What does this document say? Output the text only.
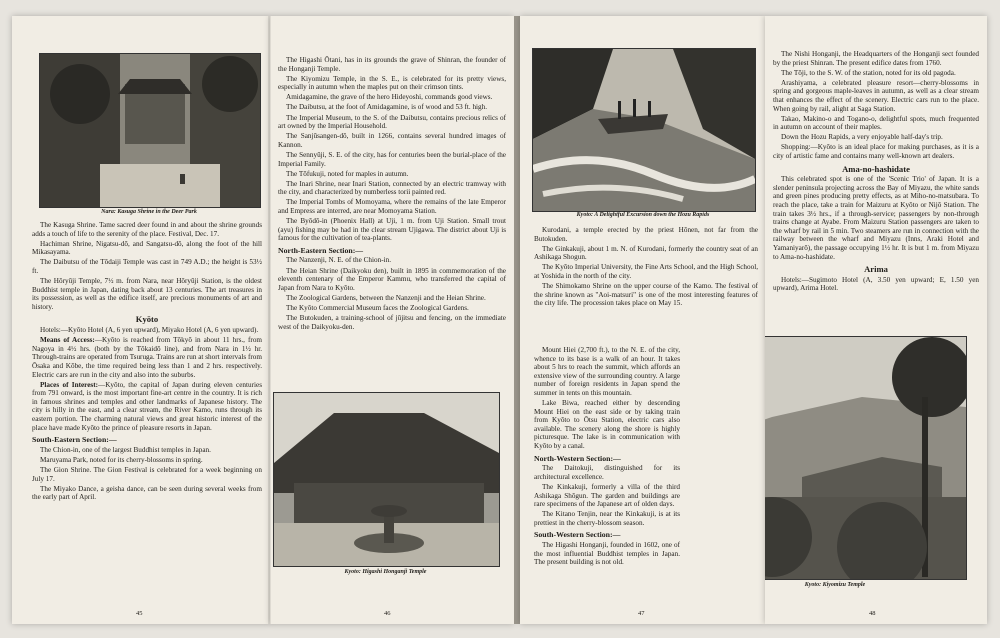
Nara: Kasuga Shrine in the Deer Park

The Kasuga Shrine. Tame sacred deer found in and about the shrine grounds adds a touch of life to the serenity of the place. Festival, Dec. 17.

Hachiman Shrine, Nigatsu-dō, and Sangatsu-dō, along the foot of the hill Mikasayama.

The Daibutsu of the Tōdaiji Temple was cast in 749 A.D.; the height is 53½ ft.

The Hōryūji Temple, 7½ m. from Nara, near Hōryūji Station, is the oldest Buddhist temple in Japan, dating back about 13 centuries. The art treasures in its possession, as well as the edifice itself, are precious monuments of art and history.

Kyōto

Hotels:—Kyōto Hotel (A, 6 yen upward), Miyako Hotel (A, 6 yen upward).

Means of Access:—Kyōto is reached from Tōkyō in about 11 hrs., from Nagoya in 4½ hrs. (both by the Tōkaidō line), and from Nara in 1½ hr. Through-trains are operated from Tsuruga. Trains are run at short intervals from Ōsaka and Kōbe, the time required being less than 1 and 2 hrs. respectively. Electric cars are run in the city and also into the suburbs.

Places of Interest:—Kyōto, the capital of Japan during eleven centuries from 791 onward, is the most important fine-art centre in the country. It is rich in famous shrines and temples and other landmarks of Japanese history. The city is hilly in the east, and a clear stream, the River Kamo, runs through its eastern portion. The charming natural views and great historic interest of the place have made Kyōto the prince of pleasure resorts in Japan.

South-Eastern Section:—

The Chion-in, one of the largest Buddhist temples in Japan.

Maruyama Park, noted for its cherry-blossoms in spring.

The Gion Shrine. The Gion Festival is celebrated for a week beginning on July 17.

The Miyako Dance, a geisha dance, can be seen during several weeks from the early part of April.

45

The Higashi Ōtani, has in its grounds the grave of Shinran, the founder of the Honganji Temple.

The Kiyomizu Temple, in the S. E., is celebrated for its pretty views, especially in autumn when the maples put on their crimson tints.

Amidagamine, the grave of the hero Hideyoshi, commands good views.

The Daibutsu, at the foot of Amidagamine, is of wood and 53 ft. high.

The Imperial Museum, to the S. of the Daibutsu, contains precious relics of art owned by the Imperial Household.

The Sanjūsangen-dō, built in 1266, contains several hundred images of Kannon.

The Sennyūji, S. E. of the city, has for centuries been the burial-place of the Imperial Family.

The Tōfukuji, noted for maples in autumn.

The Inari Shrine, near Inari Station, connected by an electric tramway with the city, and characterized by numberless torii painted red.

The Imperial Tombs of Momoyama, where the remains of the late Emperor and Empress are interred, are near Momoyama Station.

The Byōdō-in (Phoenix Hall) at Uji, 1 m. from Uji Station. Small trout (ayu) fishing may be had in the clear stream Ujigawa. The district about Uji is famous for the cultivation of tea-plants.

North-Eastern Section:—

The Nanzenji, N. E. of the Chion-in.

The Heian Shrine (Daikyoku den), built in 1895 in commemoration of the eleventh centenary of the Emperor Kammu, who transferred the capital of Japan from Nara to Kyōto.

The Zoological Gardens, between the Nanzenji and the Heian Shrine.

The Kyōto Commercial Museum faces the Zoological Gardens.

The Butokuden, a training-school of jūjitsu and fencing, on the immediate west of the Daikyoku-den.

Kyoto: Higashi Honganji Temple
46
Kyoto: A Delightful Excursion down the Hozu Rapids

Kurodani, a temple erected by the priest Hōnen, not far from the Butokuden.

The Ginkakuji, about 1 m. N. of Kurodani, formerly the country seat of an Ashikaga Shogun.

The Kyōto Imperial University, the Fine Arts School, and the High School, at Yoshida in the north of the city.

The Shimokamo Shrine on the upper course of the Kamo. The festival of the shrine known as "Aoi-matsuri" is one of the most interesting features of the city life. The procession takes place on May 15.

Mount Hiei (2,700 ft.), to the N. E. of the city, whence to its base is a walk of an hour. It takes about 5 hrs to reach the summit, which affords an extensive view of the surrounding country. A large number of foreign residents in Japan spend the summer in tents on this mountain.

Lake Biwa, reached either by descending Mount Hiei on the east side or by taking train from Kyōto to Ōtsu Station, electric cars also available. The scenery along the shore is highly picturesque. The lake is in communication with Kyōto by a canal.

North-Western Section:—

The Daitokuji, distinguished for its architectural excellence.

The Kinkakuji, formerly a villa of the third Ashikaga Shōgun. The garden and buildings are rare specimens of the Japanese art of olden days.

The Kitano Tenjin, near the Kinkakuji, is at its prettiest in the cherry-blossom season.

South-Western Section:—

The Higashi Honganji, founded in 1602, one of the most influential Buddhist temples in Japan. The present building is not old.

47

The Nishi Honganji, the Headquarters of the Honganji sect founded by the priest Shinran. The present edifice dates from 1760.

The Tōji, to the S. W. of the station, noted for its old pagoda.

Arashiyama, a celebrated pleasure resort—cherry-blossoms in spring and gorgeous maple-leaves in autumn, as well as a clear stream that enhances the effect of the scenery. Electric cars run to the place. When going by rail, alight at Saga Station.

Takao, Makino-o and Togano-o, delightful spots, much frequented in autumn on account of their maples.

Down the Hozu Rapids, a very enjoyable half-day's trip.

Shopping:—Kyōto is an ideal place for making purchases, as it is a city of artistic fame and contains many well-known art dealers.

Ama-no-hashidate

This celebrated spot is one of the 'Scenic Trio' of Japan. It is a slender peninsula projecting across the Bay of Miyazu, the white sands and green pines producing pretty effects, as at Miho-no-matsubara. To reach the place, take a train for Maizuru at Kyōto or Nijō Station. The train takes 3½ hrs., if a through-service; passengers by non-through trains change at Ayabe. From Maizuru Station passengers are taken to the wharf by rail in 5 min. Two steamers are run in connection with the railway between the wharf and Miyazu (Inns, Araki Hotel and Yamaniyarō), the passage occupying 1½ hr. It is but 1 m. from Miyazu to Ama-no-hashidate.

Arima

Hotels:—Sugimoto Hotel (A, 3.50 yen upward; E, 1.50 yen upward), Arima Hotel.

Kyoto: Kiyomizu Temple
48
